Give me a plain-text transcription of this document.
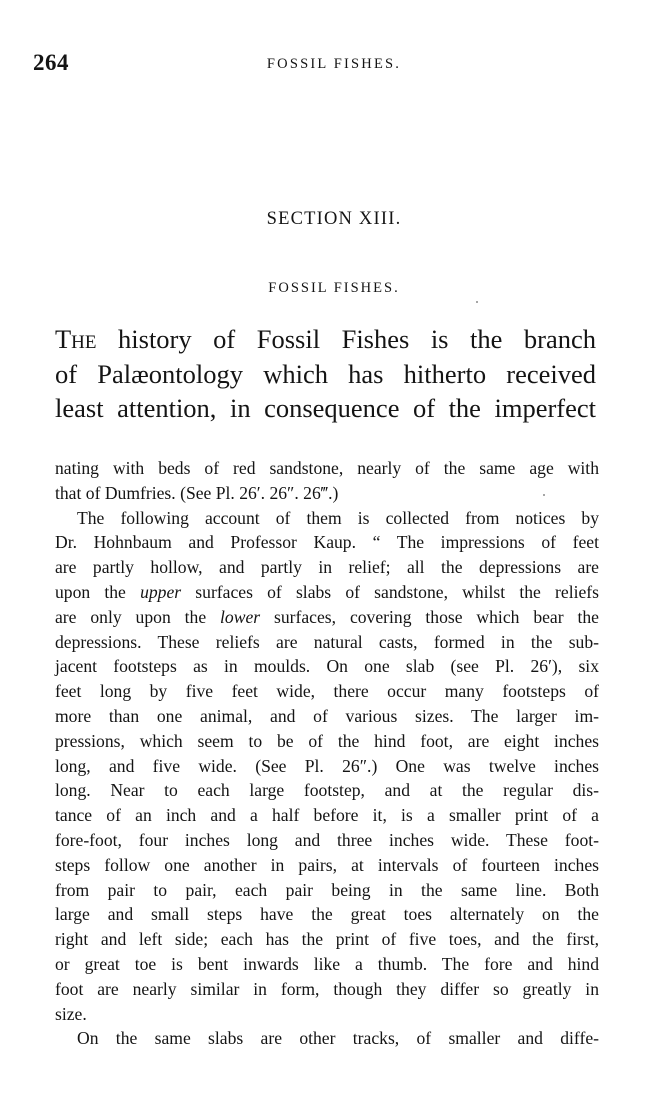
264	FOSSIL FISHES.
SECTION XIII.
FOSSIL FISHES.
The history of Fossil Fishes is the branch
of Palæontology which has hitherto received
least attention, in consequence of the imperfect
nating with beds of red sandstone, nearly of the same age with
that of Dumfries. (See Pl. 26′. 26″. 26‴.)
The following account of them is collected from notices by
Dr. Hohnbaum and Professor Kaup. “ The impressions of feet
are partly hollow, and partly in relief; all the depressions are
upon the upper surfaces of slabs of sandstone, whilst the reliefs
are only upon the lower surfaces, covering those which bear the
depressions. These reliefs are natural casts, formed in the sub-
jacent footsteps as in moulds. On one slab (see Pl. 26′), six
feet long by five feet wide, there occur many footsteps of
more than one animal, and of various sizes. The larger im-
pressions, which seem to be of the hind foot, are eight inches
long, and five wide. (See Pl. 26″.) One was twelve inches
long. Near to each large footstep, and at the regular dis-
tance of an inch and a half before it, is a smaller print of a
fore-foot, four inches long and three inches wide. These foot-
steps follow one another in pairs, at intervals of fourteen inches
from pair to pair, each pair being in the same line. Both
large and small steps have the great toes alternately on the
right and left side; each has the print of five toes, and the first,
or great toe is bent inwards like a thumb. The fore and hind
foot are nearly similar in form, though they differ so greatly in
size.
On the same slabs are other tracks, of smaller and diffe-
